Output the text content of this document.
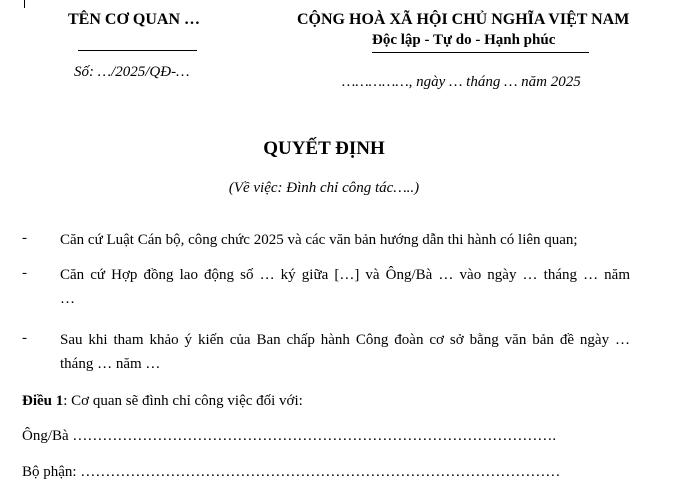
TÊN CƠ QUAN …
Số: …/2025/QĐ-…
CỘNG HOÀ XÃ HỘI CHỦ NGHĨA VIỆT NAM
Độc lập - Tự do - Hạnh phúc
……………, ngày … tháng … năm 2025
QUYẾT ĐỊNH
(Về việc: Đình chỉ công tác…..)
- Căn cứ Luật Cán bộ, công chức 2025 và các văn bản hướng dẫn thi hành có liên quan;
- Căn cứ Hợp đồng lao động số … ký giữa […] và Ông/Bà … vào ngày … tháng … năm
…
- Sau khi tham khảo ý kiến của Ban chấp hành Công đoàn cơ sở bằng văn bản đề ngày …
tháng … năm …
Điều 1: Cơ quan sẽ đình chỉ công việc đối với:
Ông/Bà …………………………………………………………………………………….
Bộ phận: ……………………………………………………………………………………
